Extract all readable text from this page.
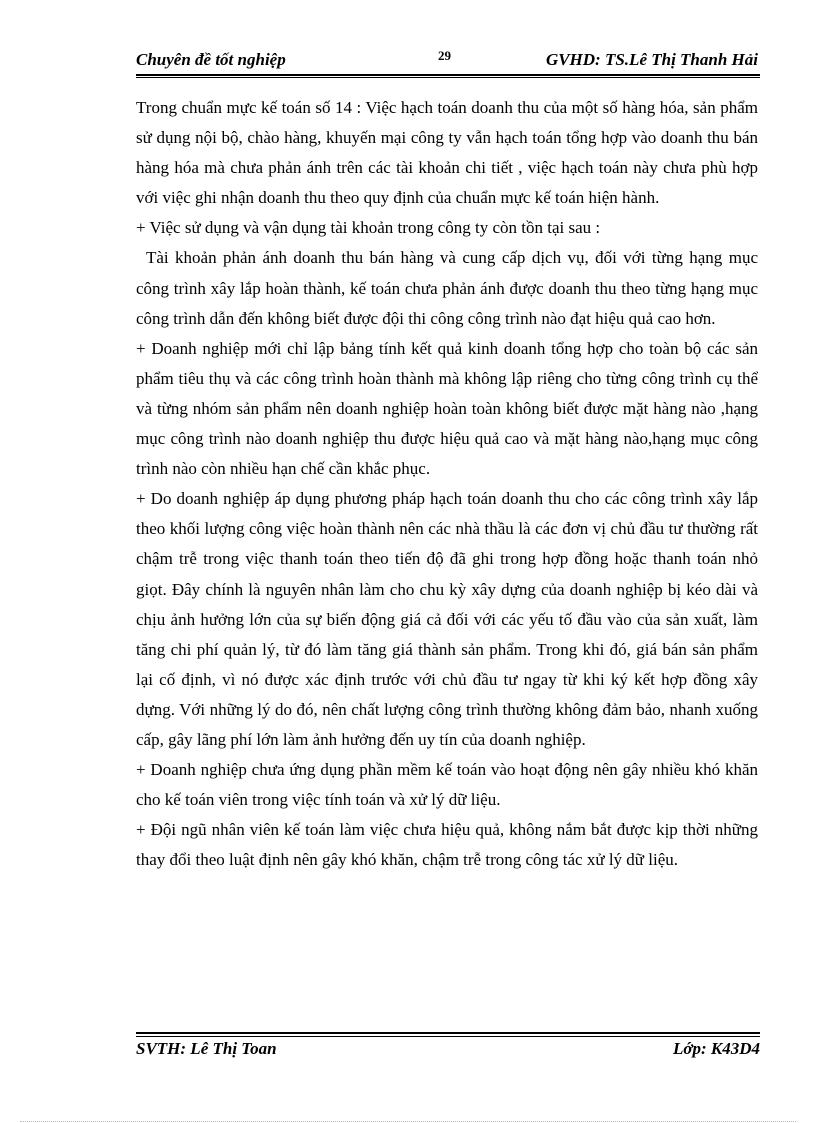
Chuyên đề tốt nghiệp	29	GVHD: TS.Lê Thị Thanh Hải

Trong chuẩn mực kế toán số 14 : Việc hạch toán doanh thu của một số hàng hóa, sản phẩm sử dụng nội bộ, chào hàng, khuyến mại công ty vẫn hạch toán tổng hợp vào doanh thu bán hàng hóa mà chưa phản ánh trên các tài khoản chi tiết , việc hạch toán này chưa phù hợp với việc ghi nhận doanh thu theo quy định của chuẩn mực kế toán hiện hành.

+ Việc sử dụng và vận dụng tài khoản trong công ty còn tồn tại sau :

Tài khoản phản ánh doanh thu bán hàng và cung cấp dịch vụ, đối với từng hạng mục công trình xây lắp hoàn thành, kế toán chưa phản ánh được doanh thu theo từng hạng mục công trình dẫn đến không biết được đội thi công công trình nào đạt hiệu quả cao hơn.

+ Doanh nghiệp mới chỉ lập bảng tính kết quả kinh doanh tổng hợp cho toàn bộ các sản phẩm tiêu thụ và các công trình hoàn thành mà không lập riêng cho từng công trình cụ thể và từng nhóm sản phẩm nên doanh nghiệp hoàn toàn không biết được mặt hàng nào ,hạng mục công trình nào doanh nghiệp thu được hiệu quả cao và mặt hàng nào,hạng mục công trình nào còn nhiều hạn chế cần khắc phục.

+ Do doanh nghiệp áp dụng phương pháp hạch toán doanh thu cho các công trình xây lắp theo khối lượng công việc hoàn thành nên các nhà thầu là các đơn vị chủ đầu tư thường rất chậm trễ trong việc thanh toán theo tiến độ đã ghi trong hợp đồng hoặc thanh toán nhỏ giọt. Đây chính là nguyên nhân làm cho chu kỳ xây dựng của doanh nghiệp bị kéo dài và chịu ảnh hưởng lớn của sự biến động giá cả đối với các yếu tố đầu vào của sản xuất, làm tăng chi phí quản lý, từ đó làm tăng giá thành sản phẩm. Trong khi đó, giá bán sản phẩm lại cố định, vì nó được xác định trước với chủ đầu tư ngay từ khi ký kết hợp đồng xây dựng. Với những lý do đó, nên chất lượng công trình thường không đảm bảo, nhanh xuống cấp, gây lãng phí lớn làm ảnh hưởng đến uy tín của doanh nghiệp.

+ Doanh nghiệp chưa ứng dụng phần mềm kế toán vào hoạt động nên gây nhiều khó khăn cho kế toán viên trong việc tính toán và xử lý dữ liệu.

+ Đội ngũ nhân viên kế toán làm việc chưa hiệu quả, không nắm bắt được kịp thời những thay đổi theo luật định nên gây khó khăn, chậm trễ trong công tác xử lý dữ liệu.

SVTH: Lê Thị Toan	Lớp: K43D4
